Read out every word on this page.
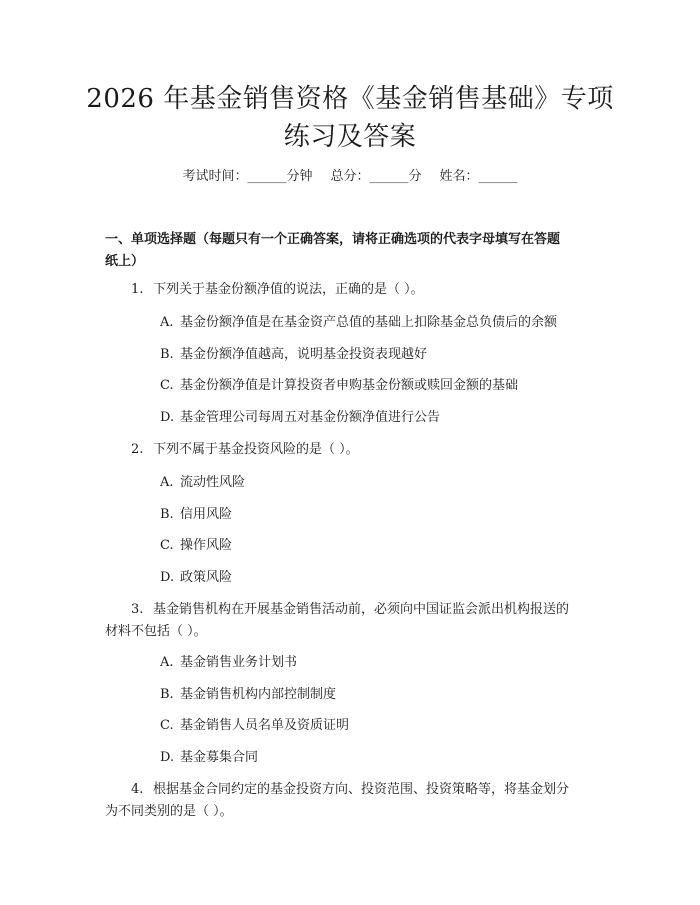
2026 年基金销售资格《基金销售基础》专项
练习及答案
考试时间：______分钟 总分：______分 姓名：______
一、单项选择题（每题只有一个正确答案，请将正确选项的代表字母填写在答题
纸上）
1. 下列关于基金份额净值的说法，正确的是（ ）。
A. 基金份额净值是在基金资产总值的基础上扣除基金总负债后的余额
B. 基金份额净值越高，说明基金投资表现越好
C. 基金份额净值是计算投资者申购基金份额或赎回金额的基础
D. 基金管理公司每周五对基金份额净值进行公告
2. 下列不属于基金投资风险的是（ ）。
A. 流动性风险
B. 信用风险
C. 操作风险
D. 政策风险
3. 基金销售机构在开展基金销售活动前，必须向中国证监会派出机构报送的
材料不包括（ ）。
A. 基金销售业务计划书
B. 基金销售机构内部控制制度
C. 基金销售人员名单及资质证明
D. 基金募集合同
4. 根据基金合同约定的基金投资方向、投资范围、投资策略等，将基金划分
为不同类别的是（ ）。
